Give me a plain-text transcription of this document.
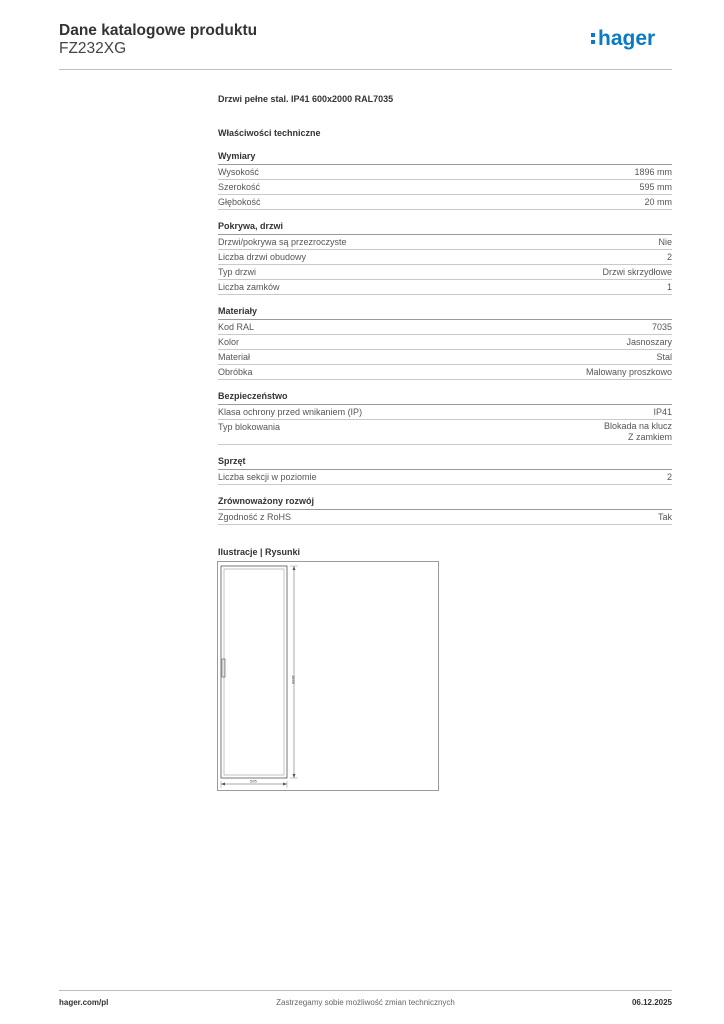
Dane katalogowe produktu
FZ232XG	hager
Drzwi pełne stal. IP41 600x2000 RAL7035
Właściwości techniczne
Wymiary
Wysokość	1896 mm
Szerokość	595 mm
Głębokość	20 mm
Pokrywa, drzwi
Drzwi/pokrywa są przezroczyste	Nie
Liczba drzwi obudowy	2
Typ drzwi	Drzwi skrzydłowe
Liczba zamków	1
Materiały
Kod RAL	7035
Kolor	Jasnoszary
Materiał	Stal
Obróbka	Malowany proszkowo
Bezpieczeństwo
Klasa ochrony przed wnikaniem (IP)	IP41
Typ blokowania	Blokada na klucz
Z zamkiem
Sprzęt
Liczba sekcji w poziomie	2
Zrównoważony rozwój
Zgodność z RoHS	Tak
Ilustracje | Rysunki
1896
595
hager.com/pl	Zastrzegamy sobie możliwość zmian technicznych	06.12.2025
